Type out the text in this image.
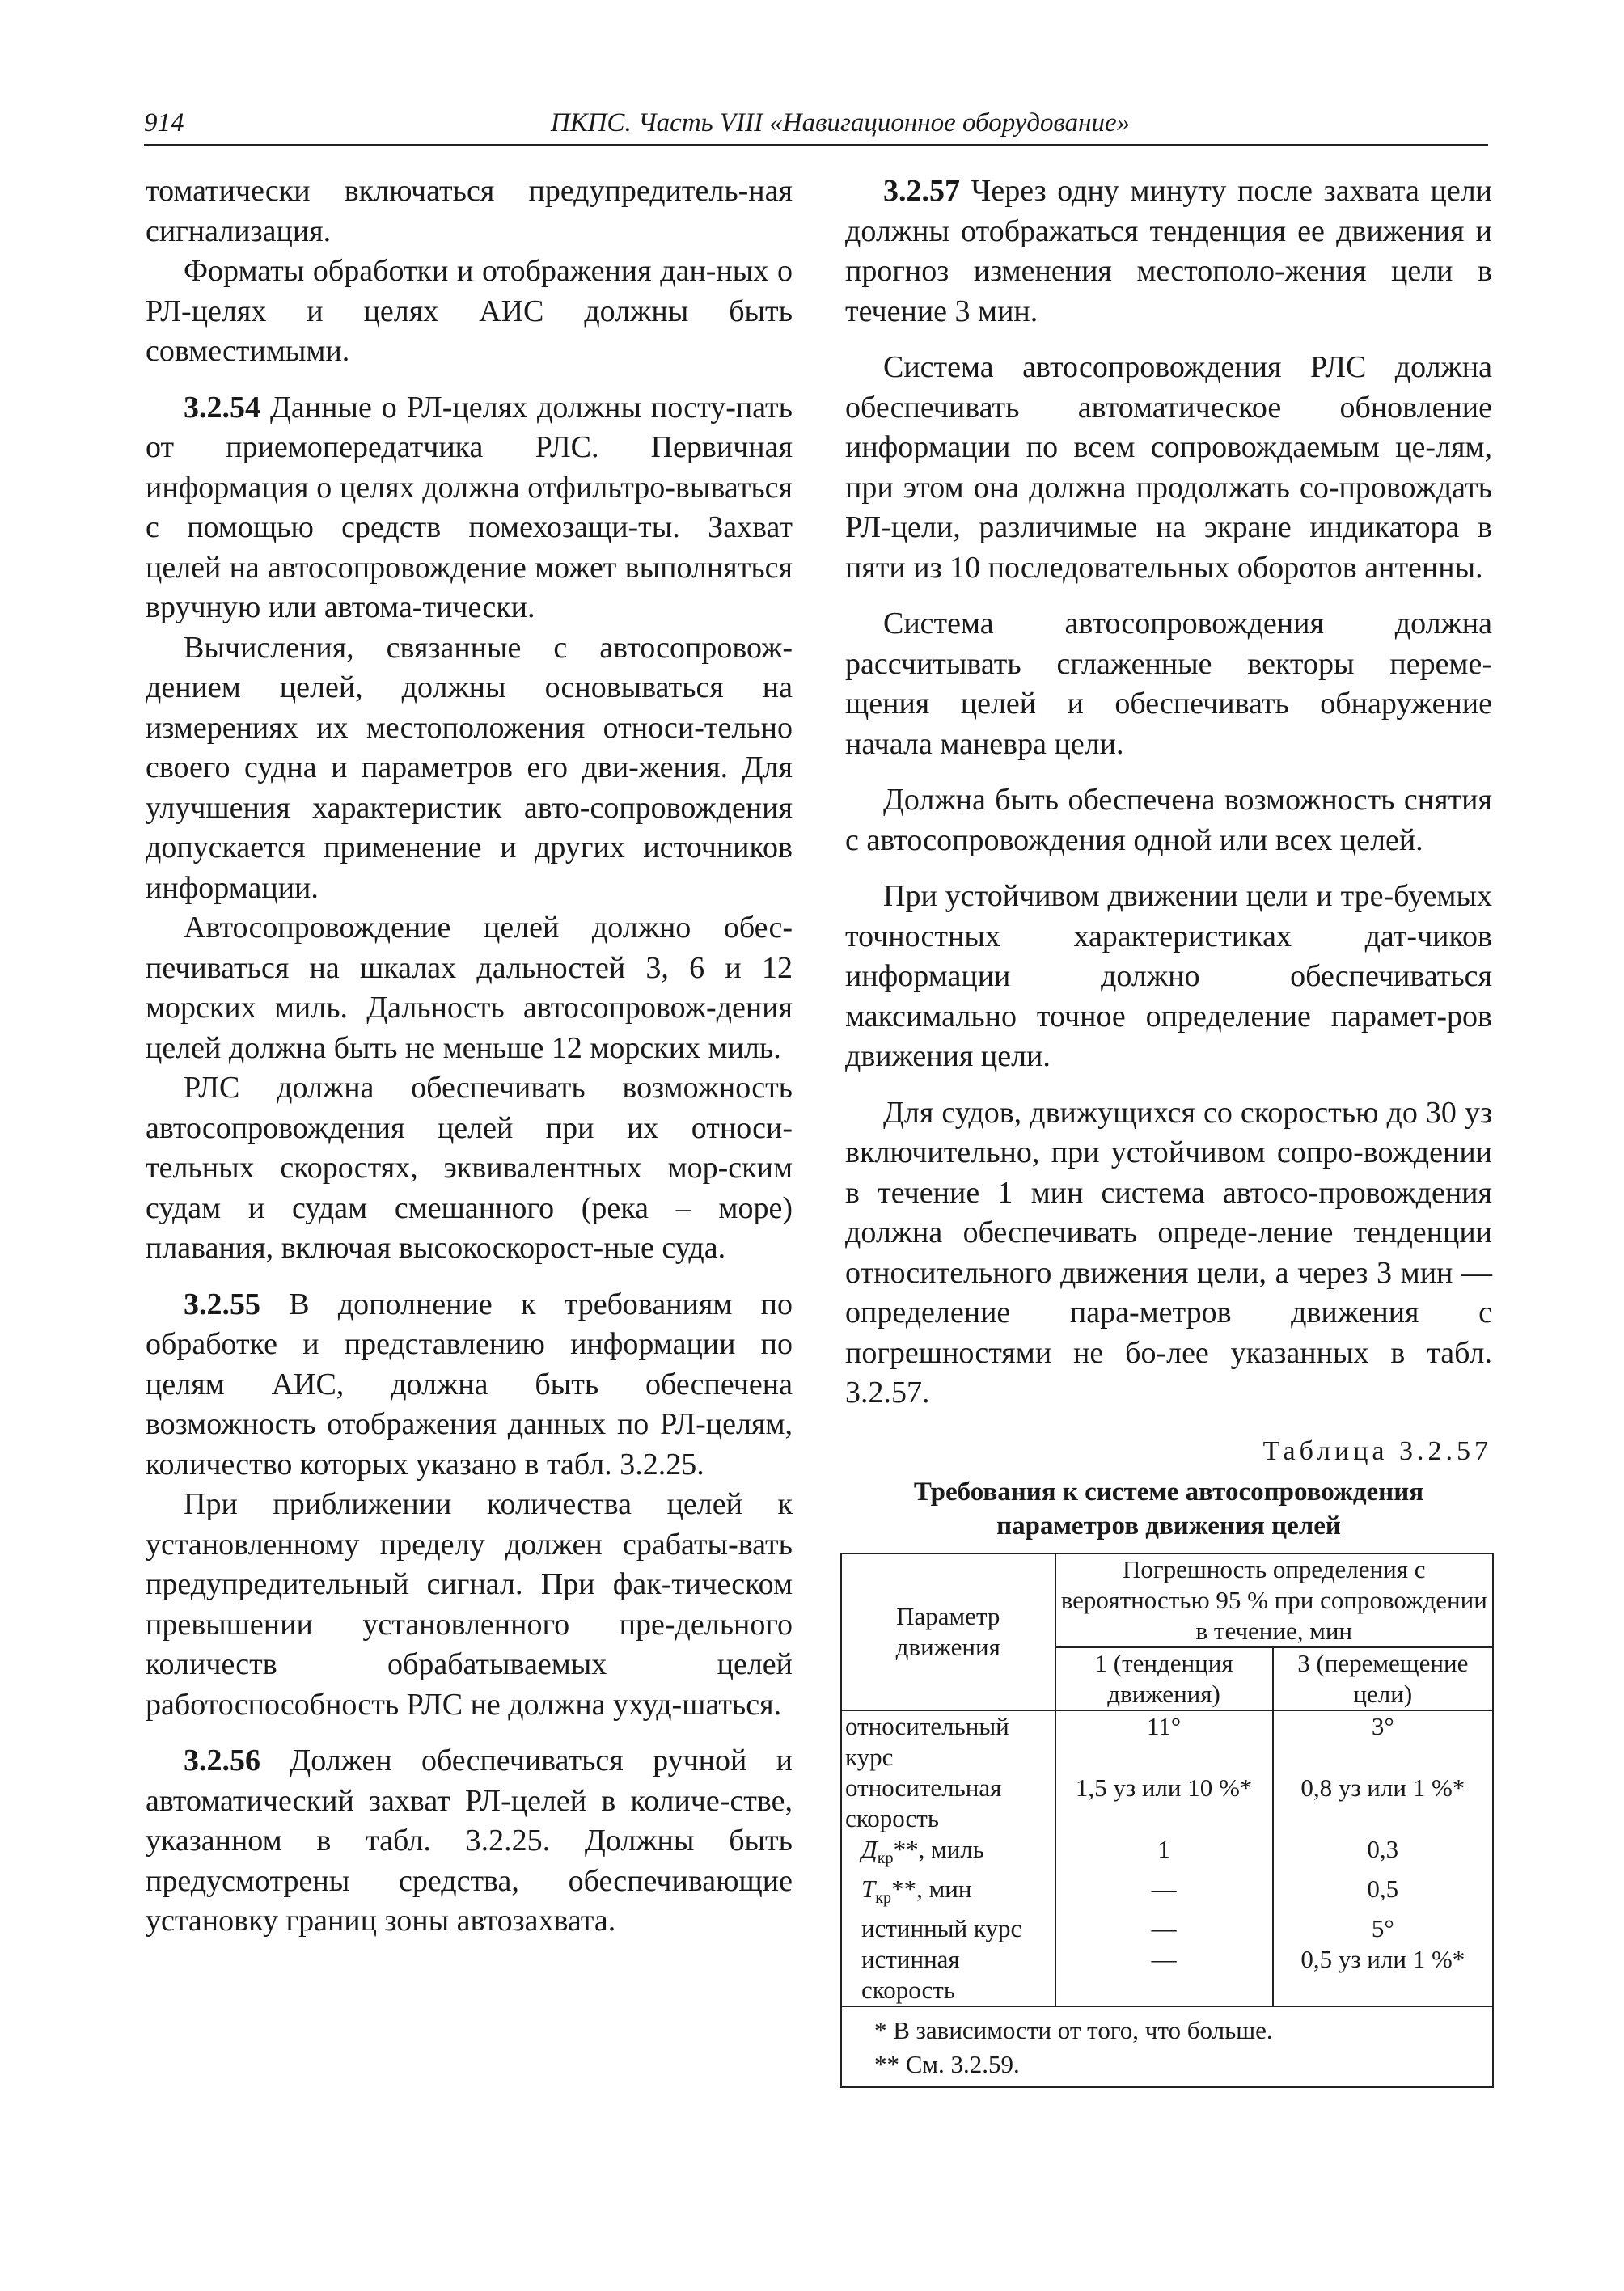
914	ПКПС. Часть VIII «Навигационное оборудование»

томатически включаться предупредитель-ная сигнализация.

Форматы обработки и отображения дан-ных о РЛ-целях и целях АИС должны быть совместимыми.

3.2.54 Данные о РЛ-целях должны посту-пать от приемопередатчика РЛС. Первичная информация о целях должна отфильтро-вываться с помощью средств помехозащи-ты. Захват целей на автосопровождение может выполняться вручную или автома-тически.

Вычисления, связанные с автосопровож-дением целей, должны основываться на измерениях их местоположения относи-тельно своего судна и параметров его дви-жения. Для улучшения характеристик авто-сопровождения допускается применение и других источников информации.

Автосопровождение целей должно обес-печиваться на шкалах дальностей 3, 6 и 12 морских миль. Дальность автосопровож-дения целей должна быть не меньше 12 морских миль.

РЛС должна обеспечивать возможность автосопровождения целей при их относи-тельных скоростях, эквивалентных мор-ским судам и судам смешанного (река – море) плавания, включая высокоскорост-ные суда.

3.2.55 В дополнение к требованиям по обработке и представлению информации по целям АИС, должна быть обеспечена возможность отображения данных по РЛ-целям, количество которых указано в табл. 3.2.25.

При приближении количества целей к установленному пределу должен срабаты-вать предупредительный сигнал. При фак-тическом превышении установленного пре-дельного количеств обрабатываемых целей работоспособность РЛС не должна ухуд-шаться.

3.2.56 Должен обеспечиваться ручной и автоматический захват РЛ-целей в количе-стве, указанном в табл. 3.2.25. Должны быть предусмотрены средства, обеспечивающие установку границ зоны автозахвата.

3.2.57 Через одну минуту после захвата цели должны отображаться тенденция ее движения и прогноз изменения местополо-жения цели в течение 3 мин.

Система автосопровождения РЛС должна обеспечивать автоматическое обновление информации по всем сопровождаемым це-лям, при этом она должна продолжать со-провождать РЛ-цели, различимые на экране индикатора в пяти из 10 последовательных оборотов антенны.

Система автосопровождения должна рассчитывать сглаженные векторы переме-щения целей и обеспечивать обнаружение начала маневра цели.

Должна быть обеспечена возможность снятия с автосопровождения одной или всех целей.

При устойчивом движении цели и тре-буемых точностных характеристиках дат-чиков информации должно обеспечиваться максимально точное определение парамет-ров движения цели.

Для судов, движущихся со скоростью до 30 уз включительно, при устойчивом сопро-вождении в течение 1 мин система автосо-провождения должна обеспечивать опреде-ление тенденции относительного движения цели, а через 3 мин — определение пара-метров движения с погрешностями не бо-лее указанных в табл. 3.2.57.

Таблица 3.2.57
Требования к системе автосопровождения
параметров движения целей
Параметр движения	Погрешность определения с вероятностью 95 % при сопровождении в течение, мин	
	1 (тенденция движения)	3 (перемещение цели)
относительный курс	11°	3°
относительная скорость	1,5 уз или 10 %*	0,8 уз или 1 %*
$Д_{кр}**$, миль	1	0,3
$Т_{кр}**$, мин	—	0,5
истинный курс	—	5°
истинная скорость	—	0,5 уз или 1 %*

* В зависимости от того, что больше.
** См. 3.2.59.		
